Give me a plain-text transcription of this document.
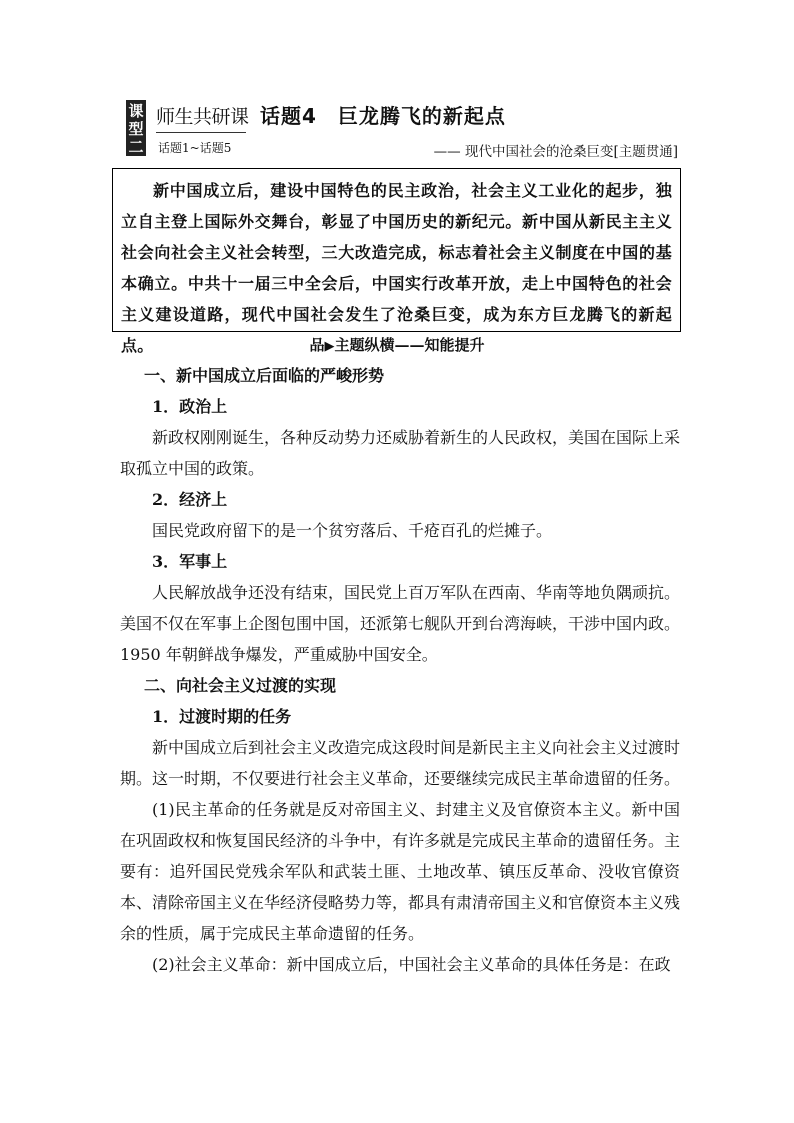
课
型
二
师生共研课
话题1~话题5
话题4　巨龙腾飞的新起点
—— 现代中国社会的沧桑巨变[主题贯通]

新中国成立后，建设中国特色的民主政治，社会主义工业化的起步，独立自主登上国际外交舞台，彰显了中国历史的新纪元。新中国从新民主主义社会向社会主义社会转型，三大改造完成，标志着社会主义制度在中国的基本确立。中共十一届三中全会后，中国实行改革开放，走上中国特色的社会主义建设道路，现代中国社会发生了沧桑巨变，成为东方巨龙腾飞的新起点。	品▶主题纵横——知能提升

一、新中国成立后面临的严峻形势

1．政治上

新政权刚刚诞生，各种反动势力还威胁着新生的人民政权，美国在国际上采取孤立中国的政策。

2．经济上

国民党政府留下的是一个贫穷落后、千疮百孔的烂摊子。

3．军事上

人民解放战争还没有结束，国民党上百万军队在西南、华南等地负隅顽抗。美国不仅在军事上企图包围中国，还派第七舰队开到台湾海峡，干涉中国内政。1950 年朝鲜战争爆发，严重威胁中国安全。

二、向社会主义过渡的实现

1．过渡时期的任务

新中国成立后到社会主义改造完成这段时间是新民主主义向社会主义过渡时期。这一时期，不仅要进行社会主义革命，还要继续完成民主革命遗留的任务。

(1)民主革命的任务就是反对帝国主义、封建主义及官僚资本主义。新中国在巩固政权和恢复国民经济的斗争中，有许多就是完成民主革命的遗留任务。主要有：追歼国民党残余军队和武装土匪、土地改革、镇压反革命、没收官僚资本、清除帝国主义在华经济侵略势力等，都具有肃清帝国主义和官僚资本主义残余的性质，属于完成民主革命遗留的任务。

(2)社会主义革命：新中国成立后，中国社会主义革命的具体任务是：在政
